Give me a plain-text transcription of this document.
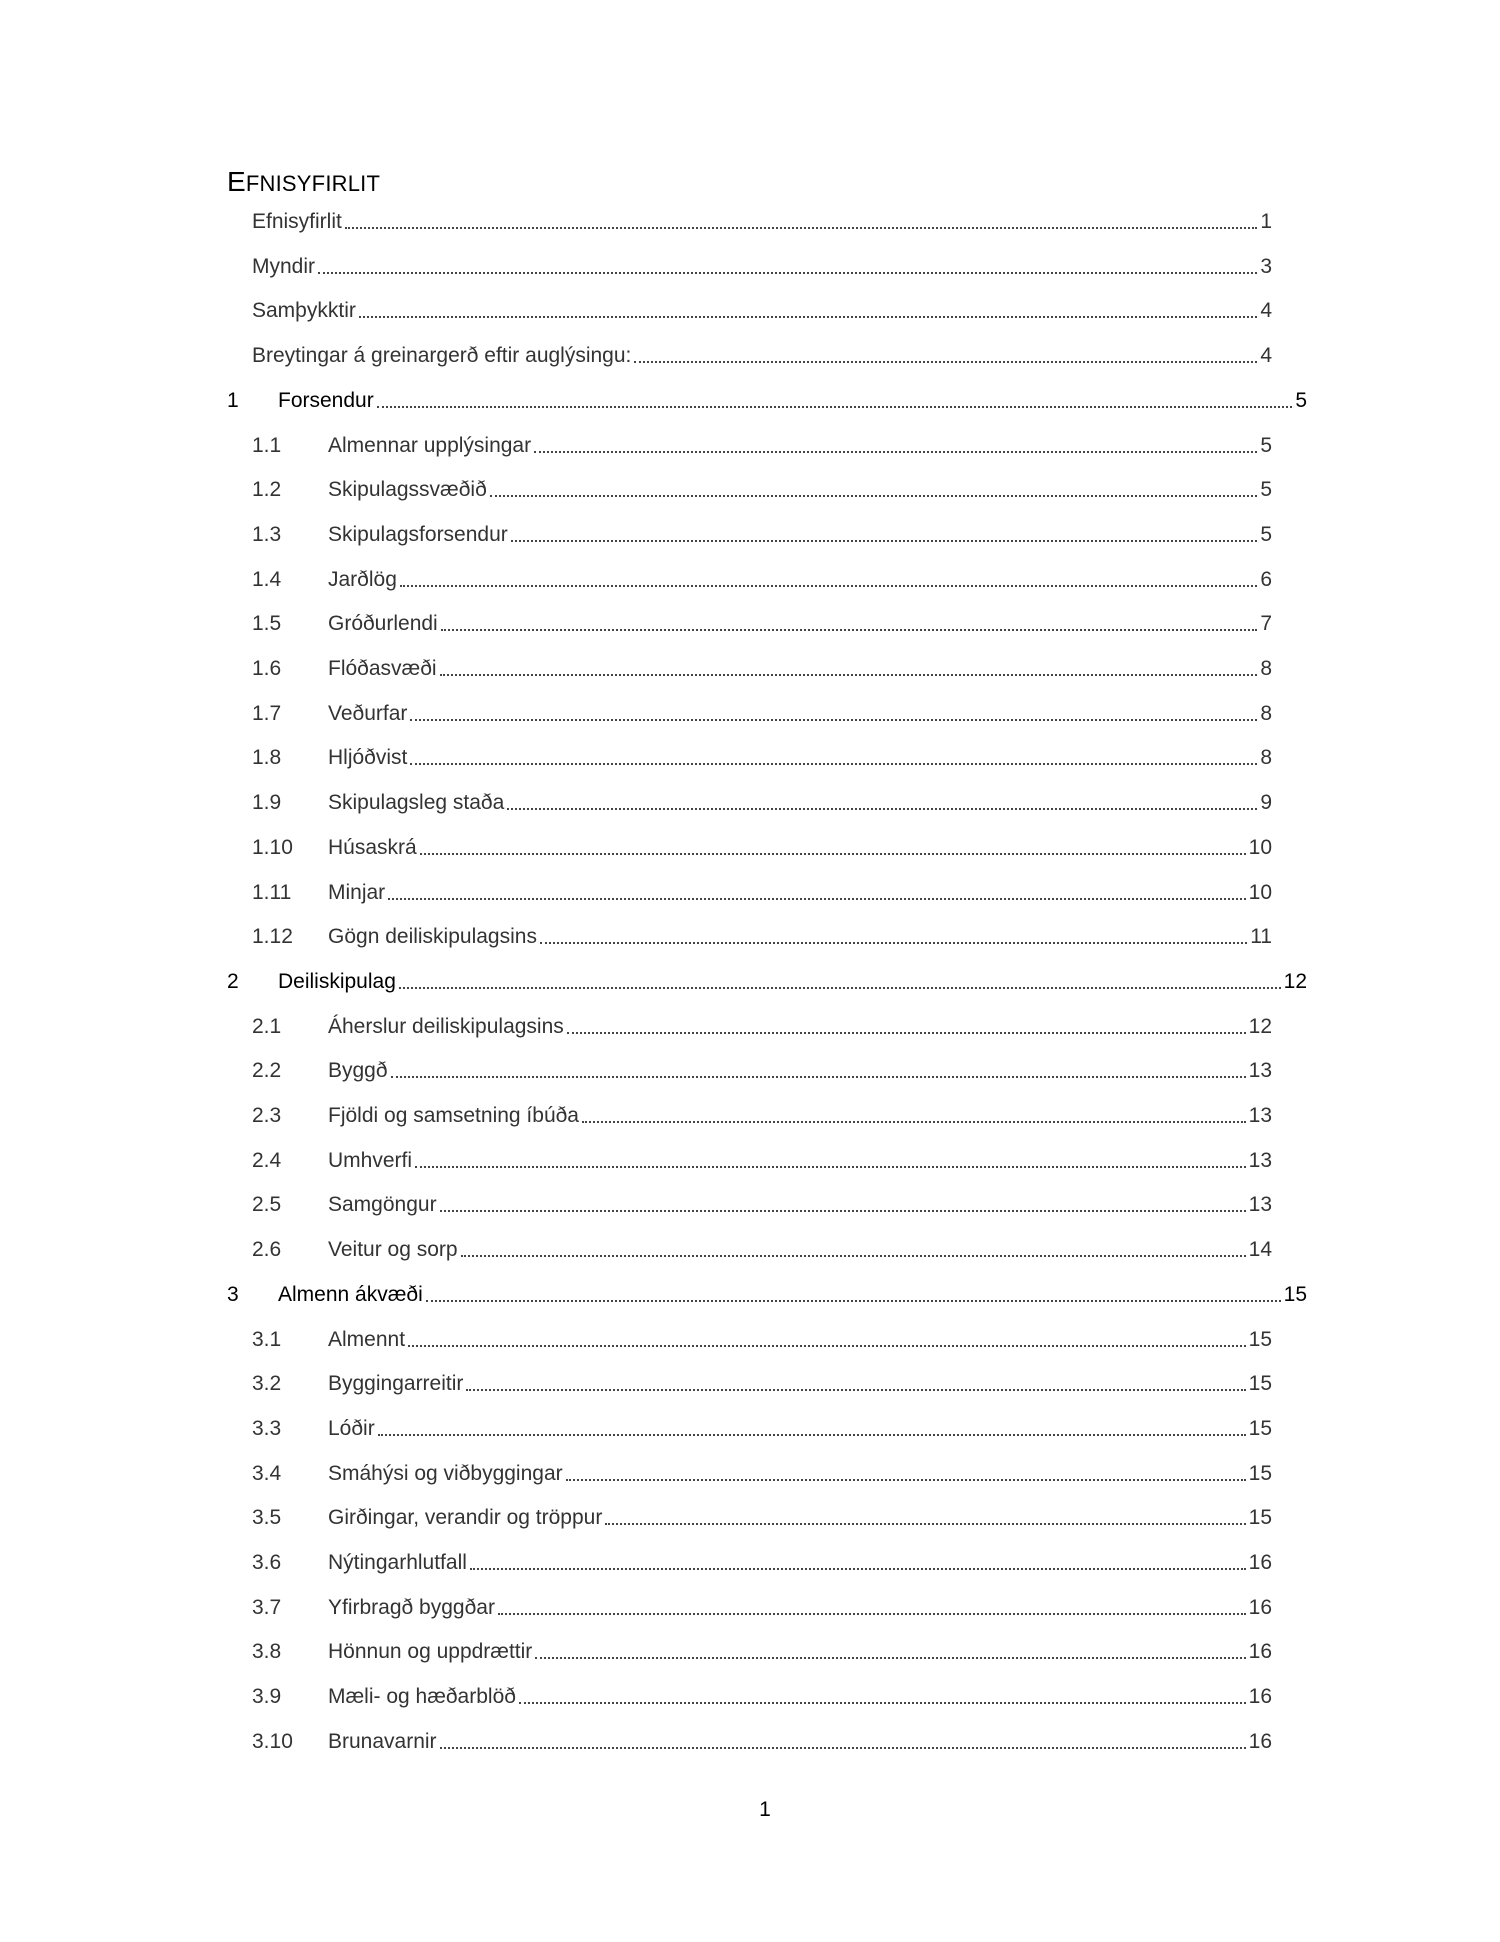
EFNISYFIRLIT
Efnisyfirlit	1
Myndir	3
Samþykktir	4
Breytingar á greinargerð eftir auglýsingu:	4
1	Forsendur	5
1.1	Almennar upplýsingar	5
1.2	Skipulagssvæðið	5
1.3	Skipulagsforsendur	5
1.4	Jarðlög	6
1.5	Gróðurlendi	7
1.6	Flóðasvæði	8
1.7	Veðurfar	8
1.8	Hljóðvist	8
1.9	Skipulagsleg staða	9
1.10	Húsaskrá	10
1.11	Minjar	10
1.12	Gögn deiliskipulagsins	11
2	Deiliskipulag	12
2.1	Áherslur deiliskipulagsins	12
2.2	Byggð	13
2.3	Fjöldi og samsetning íbúða	13
2.4	Umhverfi	13
2.5	Samgöngur	13
2.6	Veitur og sorp	14
3	Almenn ákvæði	15
3.1	Almennt	15
3.2	Byggingarreitir	15
3.3	Lóðir	15
3.4	Smáhýsi og viðbyggingar	15
3.5	Girðingar, verandir og tröppur	15
3.6	Nýtingarhlutfall	16
3.7	Yfirbragð byggðar	16
3.8	Hönnun og uppdrættir	16
3.9	Mæli- og hæðarblöð	16
3.10	Brunavarnir	16
1
